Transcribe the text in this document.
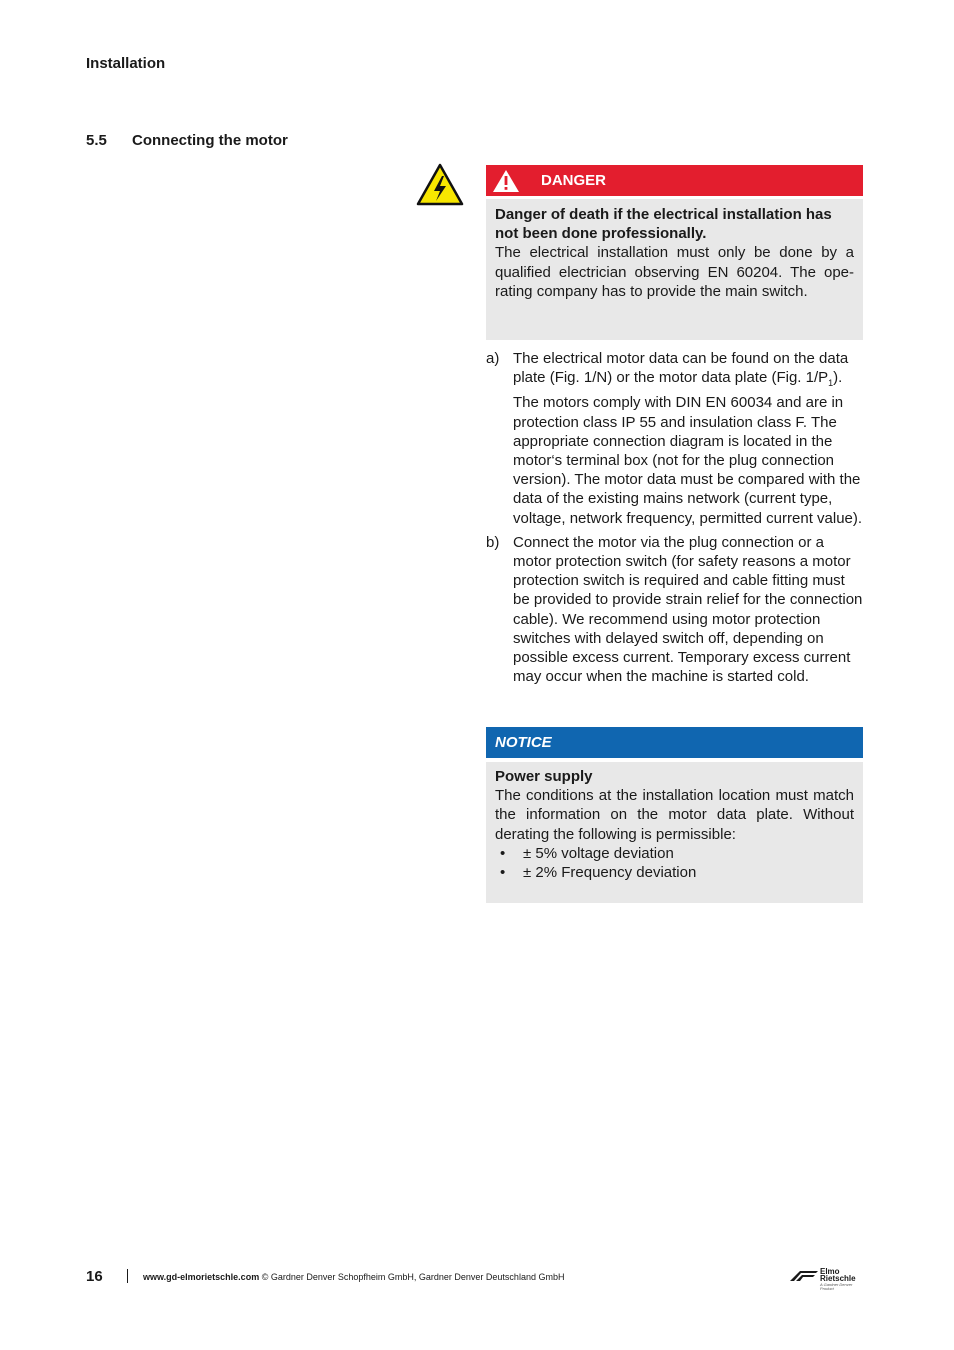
Installation
5.5 Connecting the motor
DANGER
Danger of death if the electrical installation has not been done professionally.
The electrical installation must only be done by a qualified electrician observing EN 60204. The ope-rating company has to provide the main switch.
a) The electrical motor data can be found on the data plate (Fig. 1/N) or the motor data plate (Fig. $1/P_1$). The motors comply with DIN EN 60034 and are in protection class IP 55 and insulation class F. The appropriate connection diagram is located in the motor‘s terminal box (not for the plug connection version). The motor data must be compared with the data of the existing mains network (current type, voltage, network frequency, permitted current value).
b) Connect the motor via the plug connection or a motor protection switch (for safety reasons a motor protection switch is required and cable fitting must be provided to provide strain relief for the connection cable). We recommend using motor protection switches with delayed switch off, depending on possible excess current. Temporary excess current may occur when the machine is started cold.
NOTICE
Power supply
The conditions at the installation location must match the information on the motor data plate. Without derating the following is permissible:
• ± 5% voltage deviation
• ± 2% Frequency deviation
16	www.gd-elmorietschle.com © Gardner Denver Schopfheim GmbH, Gardner Denver Deutschland GmbH
Elmo
Rietschle
A Gardner Denver Product
